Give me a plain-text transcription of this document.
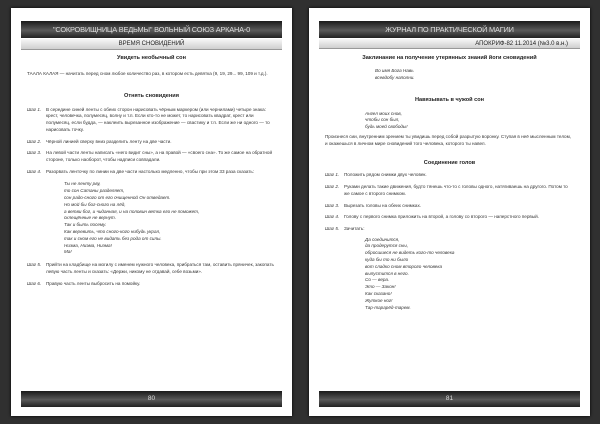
"СОКРОВИЩНИЦА ВЕДЬМЫ" ВОЛЬНЫЙ СОЮЗ АРКАНА-0
ВРЕМЯ СНОВИДЕНИЙ
Увидеть необычный сон
ТААЛА КАЛАЯ — начитать перед сном любое количество раз, в котором есть девятка (9, 19, 29... 99, 109 и т.д.).
Отнять сновидения
Шаг 1.	В середине синей ленты с обеих сторон нарисовать чёрным маркером (или чернилами) четыре знака: крест, человечка, полумесяц, волну и т.п. Если кто-то не может, то нарисовать квадрат, крест или полумесяц, если будда, — наклеить вырезанное изображение — свастику и т.п. Если же ни одного — то нарисовать точку.
Шаг 2.	Чёрной линией сверху вниз разделить ленту на две части.
Шаг 3.	На левой части ленты написать «него видит сны», а на правой — «своего сна». То же самое на обратной стороне, только наоборот, чтобы надписи совпадали.
Шаг 4.	Разорвать ленточку по линии на две части настолько медленно, чтобы при этом 33 раза сказать:
Ты не ленту рву,
то сон Сатаны разделяет,
сон радо-сного от его очищенной Он отведает.
Но мой бы бог-сного на лёд,
а ветви бог, и чиданная, и на половин ветка его не поможет,
склещённые не вернут.
Так и быть посему.
Как веревить, что сного-кого нибудь украл,
так и сном его не видать без рода от силы.
Ниэма, Ниэма, Ниэма!
Ма!
Шаг 5.	Прийти на кладбище на могилу с именем нужного человека, прибраться там, оставить пряничек, закопать левую часть ленты и сказать: «Держи, никому не отдавай, себе возьми».
Шаг 6.	Правую часть ленты выбросить на помойку.
80
ЖУРНАЛ ПО ПРАКТИЧЕСКОЙ МАГИИ
АПОКРИФ-82 11.2014 (№3.0 в.н.)
Заклинание на получение утерянных знаний йоги сновидений
Во имя Бога Навь
всевдобу наполни.
Навязывать в чужой сон
Ангел моих снов,
чтобы сон был,
будь моей свободы!
Произнеся сии, внутренним зрением ты увидишь перед собой разрытую воронку. Ступая в неё мысленным телом, и окажешься в личном мире сновидений того человека, которого ты навел.
Соединение голов
Шаг 1.	Положить рядом снимки двух человек.
Шаг 2.	Руками делать такие движения, будто тянешь что-то с головы одного, натягиваешь на другого. Потом то же самое с второго снимком.
Шаг 3.	Вырезать головы на обеих снимках.
Шаг 4.	Голову с первого снимка приложить на второй, а голову со второго — наперстного первый.
Шаг 5.	Зачитать:
Да соединится,
да продерутся сны,
обросшиеся не видеть кого-то человека
куда бы то ни было
вот сладко сном второго человека
выпустится в него.
Со — вера.
Это — Закон!
Как сказано!
Жуткое ног!
Тар-тарарёд-тарем.
81
